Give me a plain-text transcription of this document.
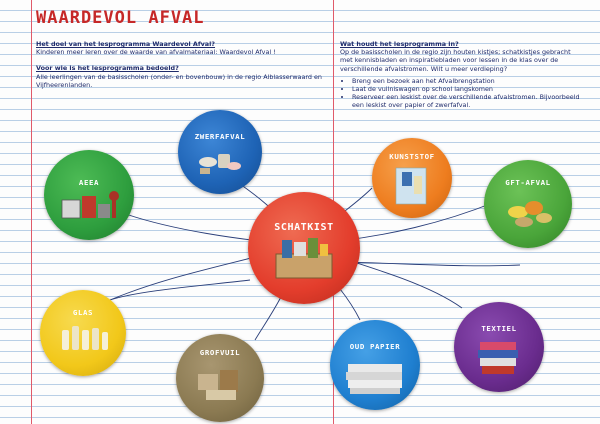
WAARDEVOL AFVAL

Het doel van het lesprogramma Waardevol Afval?

Kinderen meer leren over de waarde van afvalmateriaal: Waardevol Afval !

Voor wie is het lesprogramma bedoeld?

Alle leerlingen van de basisscholen (onder- en bovenbouw) in de regio Alblasserwaard en Vijfheerenlanden.

Wat houdt het lesprogramma in?

Op de basisscholen in de regio zijn houten kistjes; schatkistjes gebracht met kennisbladen en inspiratiebladen voor lessen in de klas over de verschillende afvalstromen. Wilt u meer verdieping?

• Breng een bezoek aan het Afvalbrengstation
• Laat de vuilniswagen op school langskomen
• Reserveer een leskist over de verschillende afvalstromen. Bijvoorbeeld een leskist over papier of zwerfafval.
ZWERFAFVAL
AEEA
KUNSTSTOF
GFT-AFVAL
SCHATKIST
GLAS
GROFVUIL
OUD PAPIER
TEXTIEL
